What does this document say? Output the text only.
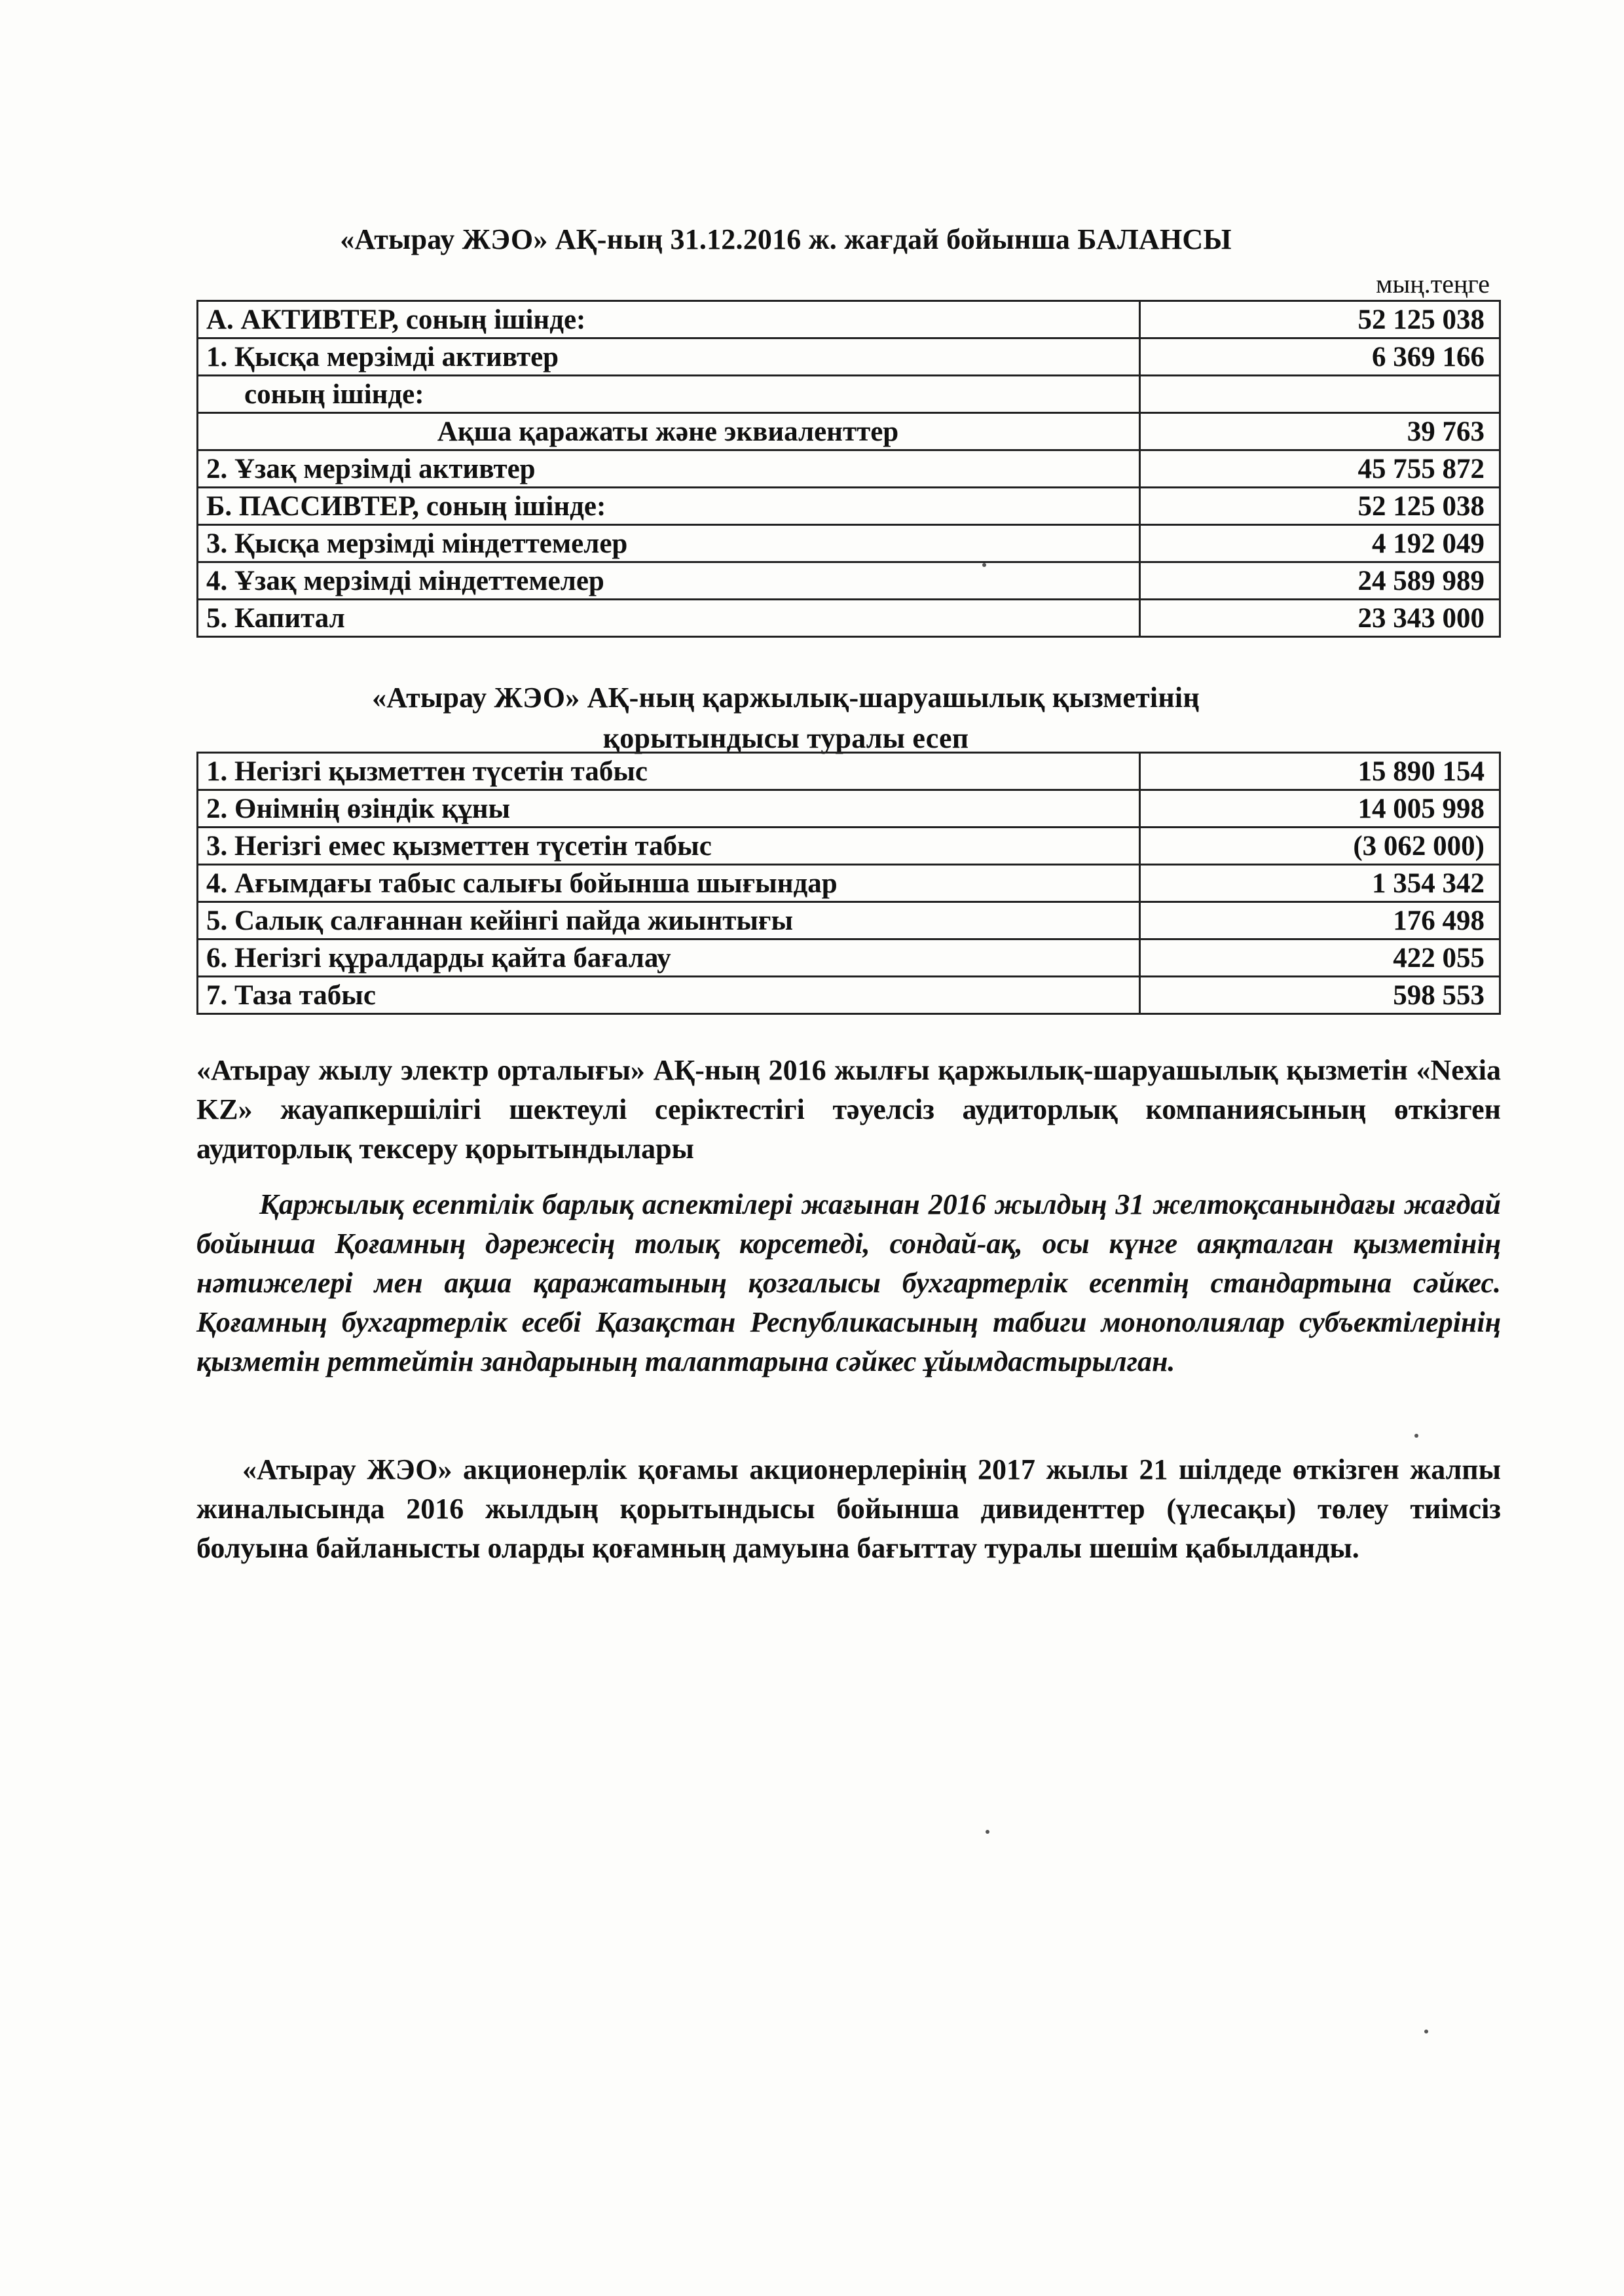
«Атырау ЖЭО» АҚ-ның 31.12.2016 ж. жағдай бойынша БАЛАНСЫ
мың.теңге
А. АКТИВТЕР, соның ішінде:	52 125 038
1. Қысқа мерзімді активтер	6 369 166
соның ішінде:	
Ақша қаражаты және эквиаленттер	39 763
2. Ұзақ мерзімді активтер	45 755 872
Б. ПАССИВТЕР, соның ішінде:	52 125 038
3. Қысқа мерзімді міндеттемелер	4 192 049
4. Ұзақ мерзімді міндеттемелер	24 589 989
5. Капитал	23 343 000
«Атырау ЖЭО» АҚ-ның қаржылық-шаруашылық қызметінің
қорытындысы туралы есеп
1. Негізгі қызметтен түсетін табыс	15 890 154
2. Өнімнің өзіндік құны	14 005 998
3. Негізгі емес қызметтен түсетін табыс	(3 062 000)
4. Ағымдағы табыс салығы бойынша шығындар	1 354 342
5. Салық салғаннан кейінгі пайда жиынтығы	176 498
6. Негізгі құралдарды қайта бағалау	422 055
7. Таза табыс	598 553
«Атырау жылу электр орталығы» АҚ-ның 2016 жылғы қаржылық-шаруашылық қызметін «Nexia KZ» жауапкершілігі шектеулі серіктестігі тәуелсіз аудиторлық компаниясының өткізген аудиторлық тексеру қорытындылары
Қаржылық есептілік барлық аспектілері жағынан 2016 жылдың 31 желтоқсанындағы жағдай бойынша Қоғамның дәрежесің толық корсетеді, сондай-ақ, осы күнге аяқталган қызметінің нәтижелері мен ақша қаражатының қозгалысы бухгартерлік есептің стандартына сәйкес. Қоғамның бухгартерлік есебі Қазақстан Республикасының табиги монополиялар субъектілерінің қызметін реттейтін зандарының талаптарына сәйкес ұйымдастырылган.
«Атырау ЖЭО» акционерлік қоғамы акционерлерінің 2017 жылы 21 шілдеде өткізген жалпы жиналысында 2016 жылдың қорытындысы бойынша дивиденттер (үлесақы) төлеу тиімсіз болуына байланысты оларды қоғамның дамуына бағыттау туралы шешім қабылданды.
